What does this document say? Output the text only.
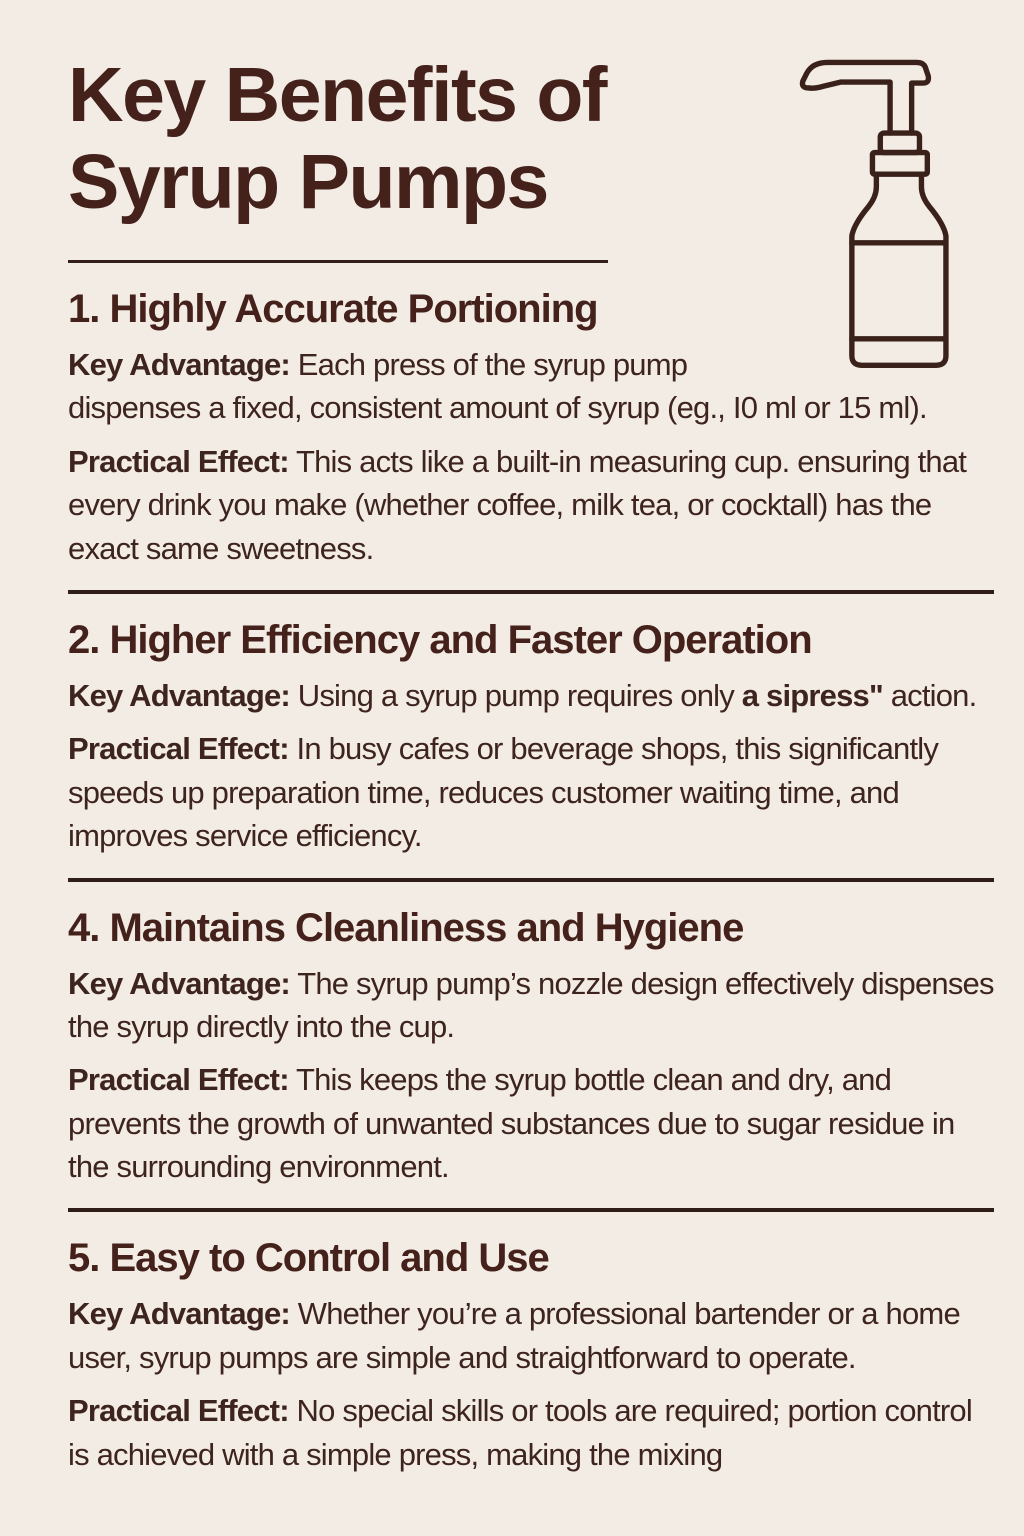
Key Benefits of
Syrup Pumps
1. Highly Accurate Portioning

Key Advantage: Each press of the syrup pump dispenses a fixed, consistent amount of syrup (eg., I0 ml or 15 ml).

Practical Effect: This acts like a built-in measuring cup. ensuring that every drink you make (whether coffee, milk tea, or cocktall) has the exact same sweetness.

2. Higher Efficiency and Faster Operation

Key Advantage: Using a syrup pump requires only a sipress" action.

Practical Effect: In busy cafes or beverage shops, this significantly speeds up preparation time, reduces customer waiting time, and improves service efficiency.

4. Maintains Cleanliness and Hygiene

Key Advantage: The syrup pump’s nozzle design effectively dispenses the syrup directly into the cup.

Practical Effect: This keeps the syrup bottle clean and dry, and prevents the growth of unwanted substances due to sugar residue in the surrounding environment.

5. Easy to Control and Use

Key Advantage: Whether you’re a professional bartender or a home user, syrup pumps are simple and straightforward to operate.

Practical Effect: No special skills or tools are required; portion control is achieved with a simple press, making the mixing
